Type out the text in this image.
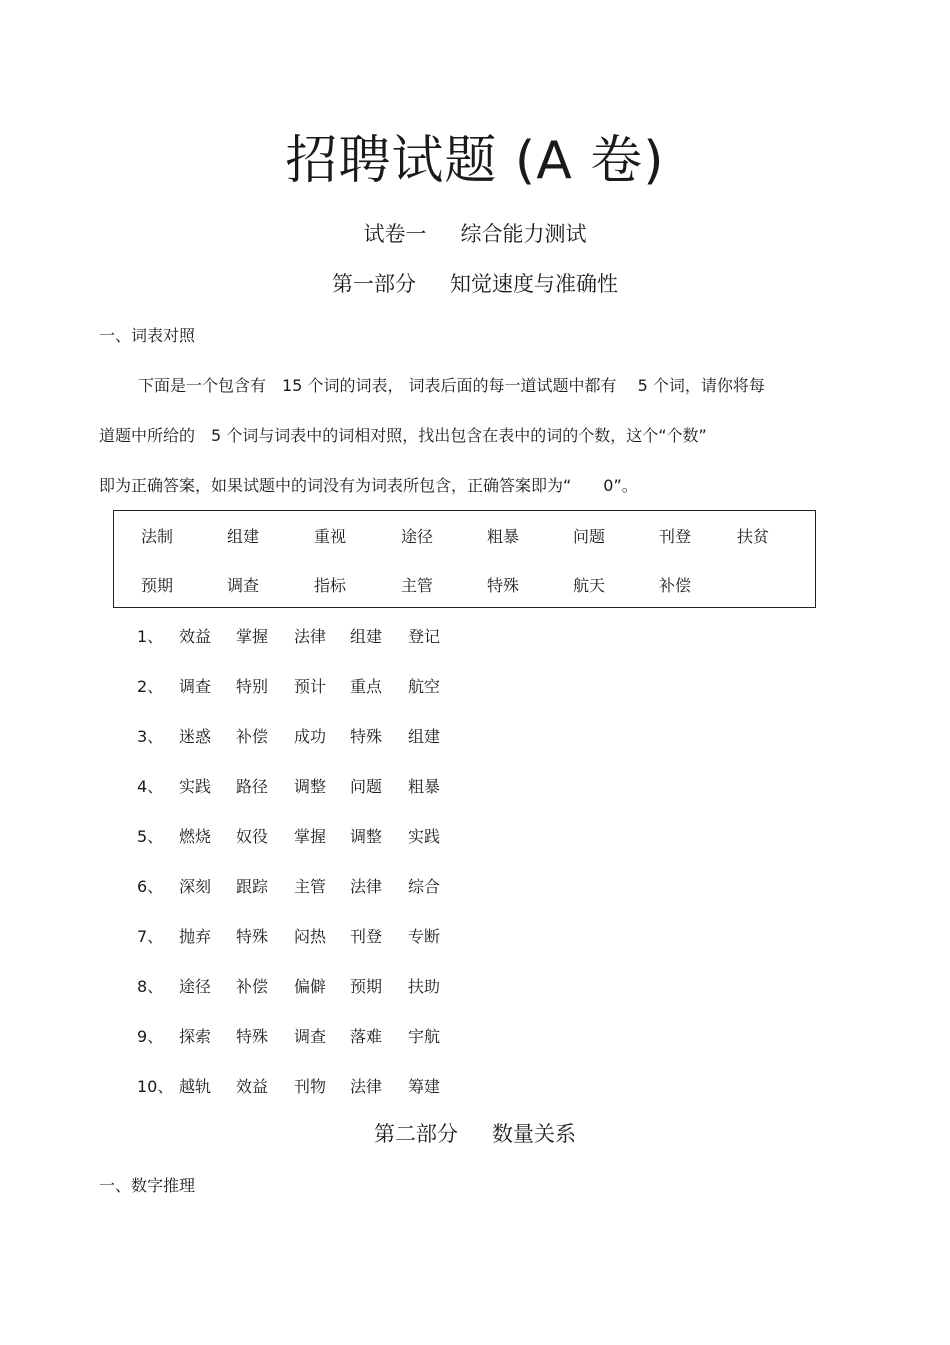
招聘试题 (A 卷)
试卷一 综合能力测试
第一部分 知觉速度与准确性
一、词表对照
下面是一个包含有　15 个词的词表， 词表后面的每一道试题中都有　 5 个词，请你将每
道题中所给的　5 个词与词表中的词相对照，找出包含在表中的词的个数，这个“个数”
即为正确答案，如果试题中的词没有为词表所包含，正确答案即为“　　0”。
法制	组建	重视	途径	粗暴	问题	刊登	扶贫
预期	调查	指标	主管	特殊	航天	补偿
1、 效益 掌握 法律 组建 登记
2、 调查 特别 预计 重点 航空
3、 迷惑 补偿 成功 特殊 组建
4、 实践 路径 调整 问题 粗暴
5、 燃烧 奴役 掌握 调整 实践
6、 深刻 跟踪 主管 法律 综合
7、 抛弃 特殊 闷热 刊登 专断
8、 途径 补偿 偏僻 预期 扶助
9、 探索 特殊 调查 落难 宇航
10、 越轨 效益 刊物 法律 筹建
第二部分 数量关系
一、数字推理
